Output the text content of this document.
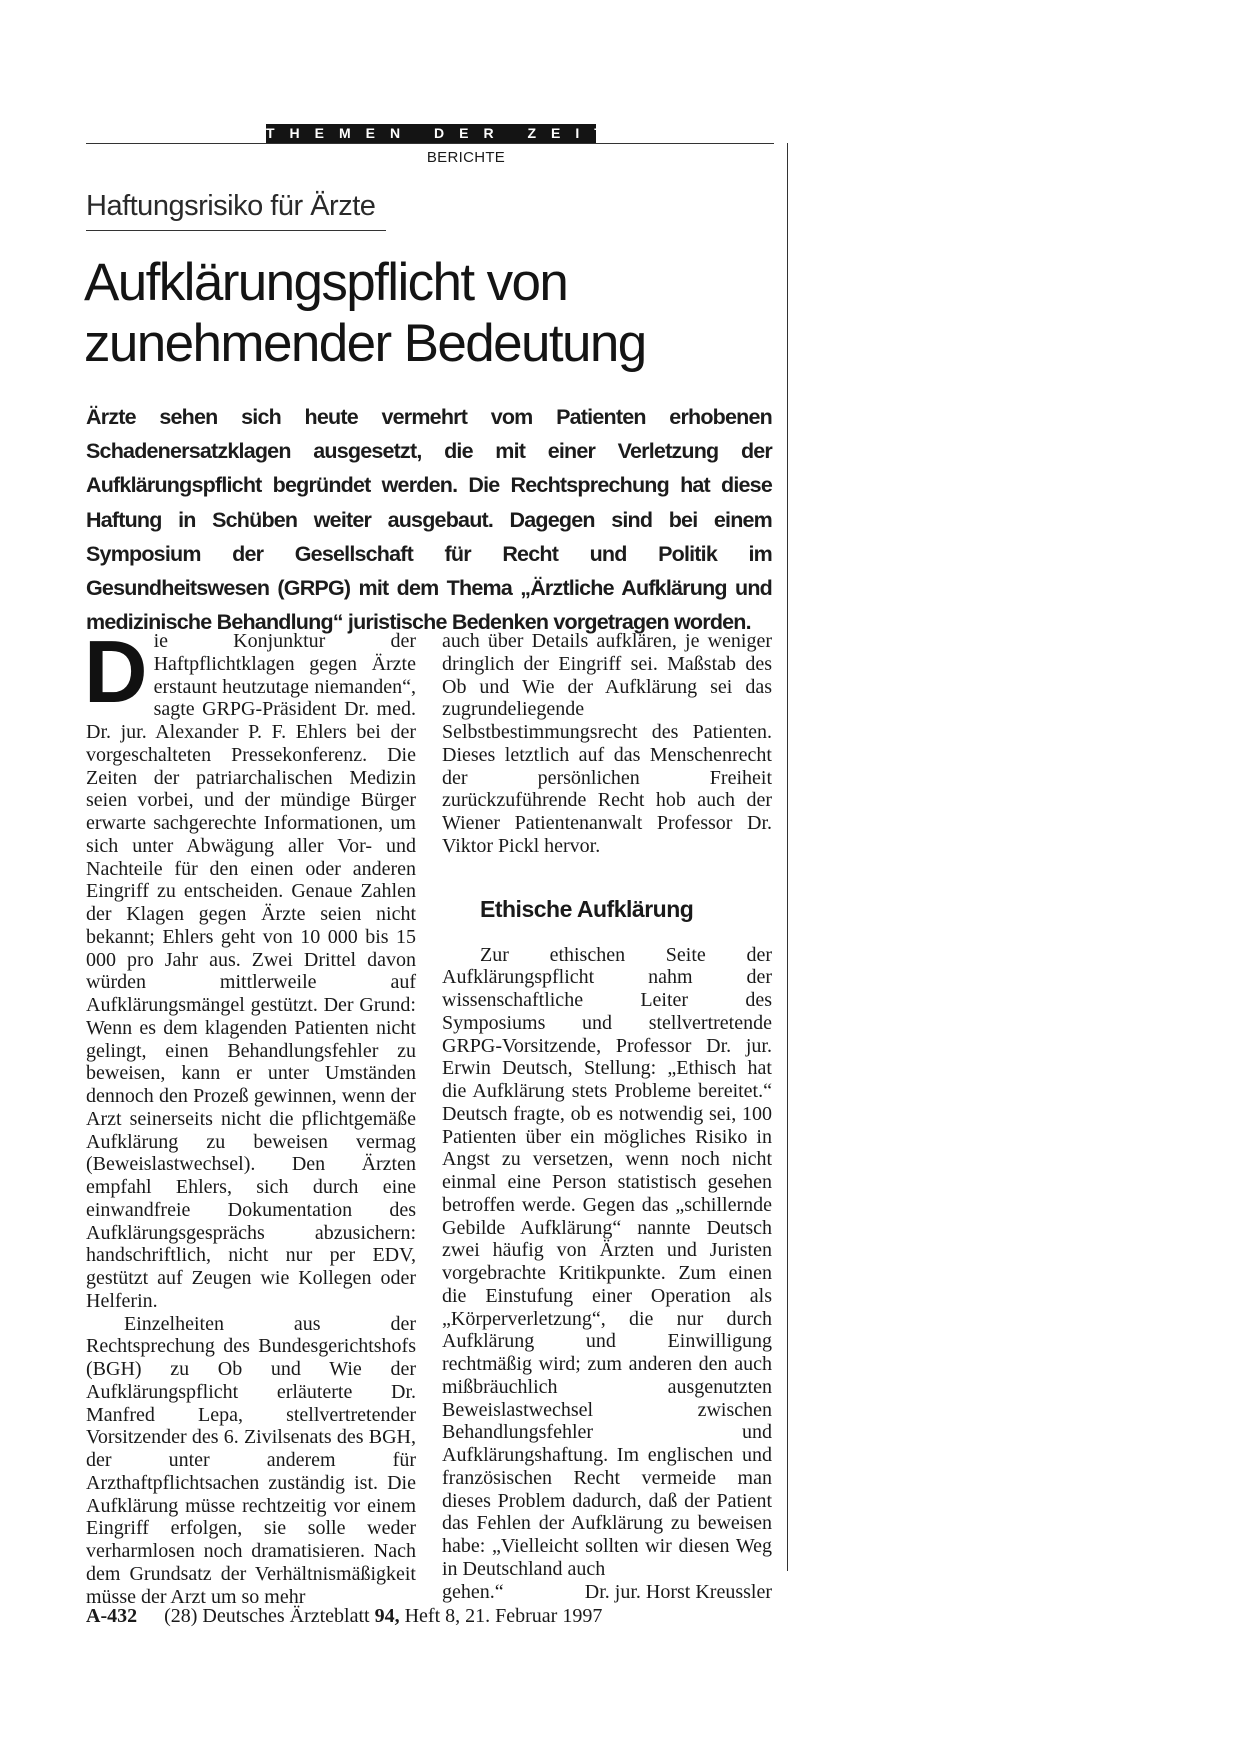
THEMEN DER ZEIT
BERICHTE
Haftungsrisiko für Ärzte
Aufklärungspflicht von zunehmender Bedeutung

Ärzte sehen sich heute vermehrt vom Patienten erhobenen Schadenersatzklagen ausgesetzt, die mit einer Verletzung der Aufklärungspflicht begründet werden. Die Rechtsprechung hat diese Haftung in Schüben weiter ausgebaut. Dagegen sind bei einem Symposium der Gesellschaft für Recht und Politik im Gesundheitswesen (GRPG) mit dem Thema „Ärztliche Aufklärung und medizinische Behandlung“ juristische Bedenken vorgetragen worden.

D ie Konjunktur der Haftpflichtklagen gegen Ärzte erstaunt heutzutage niemanden“, sagte GRPG-Präsident Dr. med. Dr. jur. Alexander P. F. Ehlers bei der vorgeschalteten Pressekonferenz. Die Zeiten der patriarchalischen Medizin seien vorbei, und der mündige Bürger erwarte sachgerechte Informationen, um sich unter Abwägung aller Vor- und Nachteile für den einen oder anderen Eingriff zu entscheiden. Genaue Zahlen der Klagen gegen Ärzte seien nicht bekannt; Ehlers geht von 10 000 bis 15 000 pro Jahr aus. Zwei Drittel davon würden mittlerweile auf Aufklärungsmängel gestützt. Der Grund: Wenn es dem klagenden Patienten nicht gelingt, einen Behandlungsfehler zu beweisen, kann er unter Umständen dennoch den Prozeß gewinnen, wenn der Arzt seinerseits nicht die pflichtgemäße Aufklärung zu beweisen vermag (Beweislastwechsel). Den Ärzten empfahl Ehlers, sich durch eine einwandfreie Dokumentation des Aufklärungsgesprächs abzusichern: handschriftlich, nicht nur per EDV, gestützt auf Zeugen wie Kollegen oder Helferin.

Einzelheiten aus der Rechtsprechung des Bundesgerichtshofs (BGH) zu Ob und Wie der Aufklärungspflicht erläuterte Dr. Manfred Lepa, stellvertretender Vorsitzender des 6. Zivilsenats des BGH, der unter anderem für Arzthaftpflichtsachen zuständig ist. Die Aufklärung müsse rechtzeitig vor einem Eingriff erfolgen, sie solle weder verharmlosen noch dramatisieren. Nach dem Grundsatz der Verhältnismäßigkeit müsse der Arzt um so mehr

auch über Details aufklären, je weniger dringlich der Eingriff sei. Maßstab des Ob und Wie der Aufklärung sei das zugrundeliegende Selbstbestimmungsrecht des Patienten. Dieses letztlich auf das Menschenrecht der persönlichen Freiheit zurückzuführende Recht hob auch der Wiener Patientenanwalt Professor Dr. Viktor Pickl hervor.

Ethische Aufklärung

Zur ethischen Seite der Aufklärungspflicht nahm der wissenschaftliche Leiter des Symposiums und stellvertretende GRPG-Vorsitzende, Professor Dr. jur. Erwin Deutsch, Stellung: „Ethisch hat die Aufklärung stets Probleme bereitet.“ Deutsch fragte, ob es notwendig sei, 100 Patienten über ein mögliches Risiko in Angst zu versetzen, wenn noch nicht einmal eine Person statistisch gesehen betroffen werde. Gegen das „schillernde Gebilde Aufklärung“ nannte Deutsch zwei häufig von Ärzten und Juristen vorgebrachte Kritikpunkte. Zum einen die Einstufung einer Operation als „Körperverletzung“, die nur durch Aufklärung und Einwilligung rechtmäßig wird; zum anderen den auch mißbräuchlich ausgenutzten Beweislastwechsel zwischen Behandlungsfehler und Aufklärungshaftung. Im englischen und französischen Recht vermeide man dieses Problem dadurch, daß der Patient das Fehlen der Aufklärung zu beweisen habe: „Vielleicht sollten wir diesen Weg in Deutschland auch

gehen.“	Dr. jur. Horst Kreussler

A-432 (28) Deutsches Ärzteblatt 94, Heft 8, 21. Februar 1997
